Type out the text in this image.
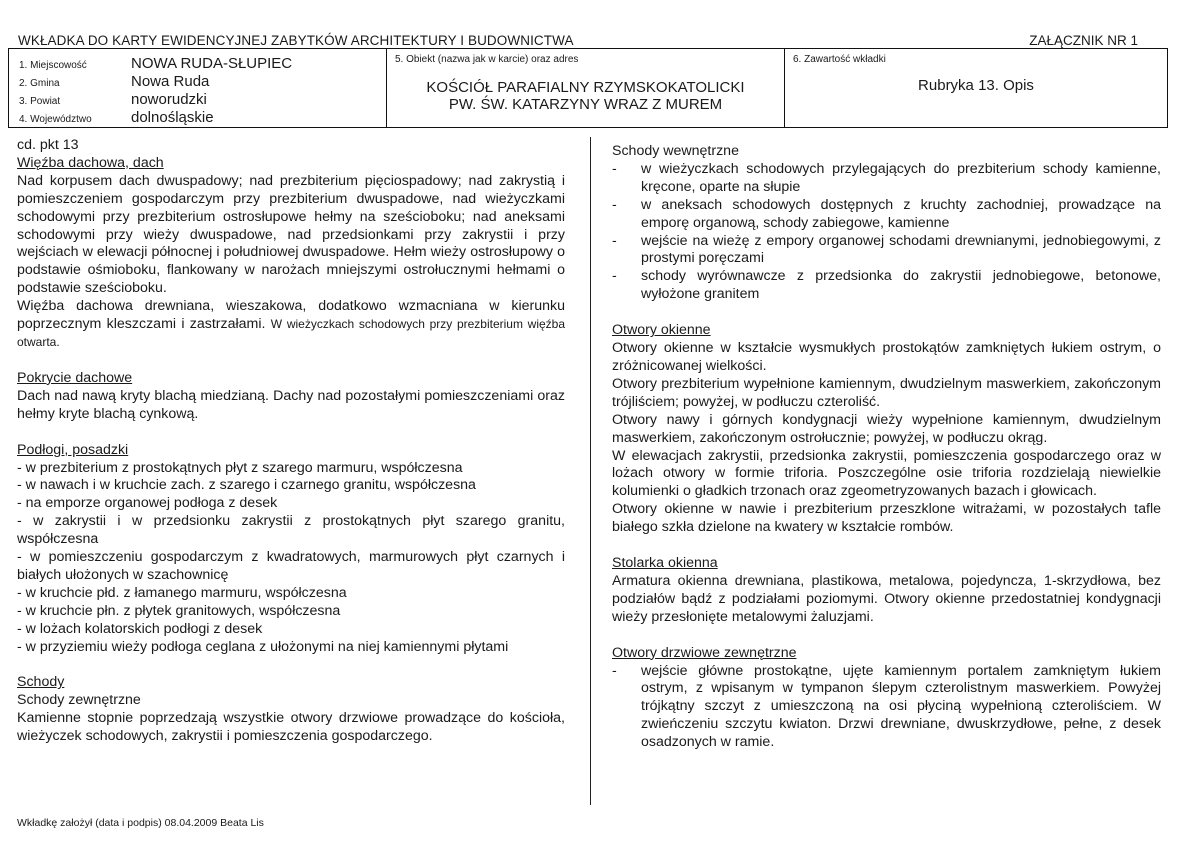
WKŁADKA DO KARTY EWIDENCYJNEJ ZABYTKÓW ARCHITEKTURY I BUDOWNICTWA	ZAŁĄCZNIK NR 1
1. Miejscowość	NOWA RUDA-SŁUPIEC
2. Gmina	Nowa Ruda
3. Powiat	noworudzki
4. Województwo	dolnośląskie
5. Obiekt (nazwa jak w karcie) oraz adres
KOŚCIÓŁ PARAFIALNY RZYMSKOKATOLICKI
PW. ŚW. KATARZYNY WRAZ Z MUREM
6. Zawartość wkładki
Rubryka 13. Opis
cd. pkt 13
Więźba dachowa, dach
Nad korpusem dach dwuspadowy; nad prezbiterium pięciospadowy; nad zakrystią i pomieszczeniem gospodarczym przy prezbiterium dwuspadowe, nad wieżyczkami schodowymi przy prezbiterium ostrosłupowe hełmy na sześcioboku; nad aneksami schodowymi przy wieży dwuspadowe, nad przedsionkami przy zakrystii i przy wejściach w elewacji północnej i południowej dwuspadowe. Hełm wieży ostrosłupowy o podstawie ośmioboku, flankowany w narożach mniejszymi ostrołucznymi hełmami o podstawie sześcioboku.
Więźba dachowa drewniana, wieszakowa, dodatkowo wzmacniana w kierunku poprzecznym kleszczami i zastrzałami. W wieżyczkach schodowych przy prezbiterium więźba otwarta.
Pokrycie dachowe
Dach nad nawą kryty blachą miedzianą. Dachy nad pozostałymi pomieszczeniami oraz hełmy kryte blachą cynkową.
Podłogi, posadzki
- w prezbiterium z prostokątnych płyt z szarego marmuru, współczesna
- w nawach i w kruchcie zach. z szarego i czarnego granitu, współczesna
- na emporze organowej podłoga z desek
- w zakrystii i w przedsionku zakrystii z prostokątnych płyt szarego granitu, współczesna
- w pomieszczeniu gospodarczym z kwadratowych, marmurowych płyt czarnych i białych ułożonych w szachownicę
- w kruchcie płd. z łamanego marmuru, współczesna
- w kruchcie płn. z płytek granitowych, współczesna
- w lożach kolatorskich podłogi z desek
- w przyziemiu wieży podłoga ceglana z ułożonymi na niej kamiennymi płytami
Schody
Schody zewnętrzne
Kamienne stopnie poprzedzają wszystkie otwory drzwiowe prowadzące do kościoła, wieżyczek schodowych, zakrystii i pomieszczenia gospodarczego.
Schody wewnętrzne
- w wieżyczkach schodowych przylegających do prezbiterium schody kamienne, kręcone, oparte na słupie
- w aneksach schodowych dostępnych z kruchty zachodniej, prowadzące na emporę organową, schody zabiegowe, kamienne
- wejście na wieżę z empory organowej schodami drewnianymi, jednobiegowymi, z prostymi poręczami
- schody wyrównawcze z przedsionka do zakrystii jednobiegowe, betonowe, wyłożone granitem
Otwory okienne
Otwory okienne w kształcie wysmukłych prostokątów zamkniętych łukiem ostrym, o zróżnicowanej wielkości.
Otwory prezbiterium wypełnione kamiennym, dwudzielnym maswerkiem, zakończonym trójliściem; powyżej, w podłuczu czteroliść.
Otwory nawy i górnych kondygnacji wieży wypełnione kamiennym, dwudzielnym maswerkiem, zakończonym ostrołucznie; powyżej, w podłuczu okrąg.
W elewacjach zakrystii, przedsionka zakrystii, pomieszczenia gospodarczego oraz w lożach otwory w formie triforia. Poszczególne osie triforia rozdzielają niewielkie kolumienki o gładkich trzonach oraz zgeometryzowanych bazach i głowicach.
Otwory okienne w nawie i prezbiterium przeszklone witrażami, w pozostałych tafle białego szkła dzielone na kwatery w kształcie rombów.
Stolarka okienna
Armatura okienna drewniana, plastikowa, metalowa, pojedyncza, 1-skrzydłowa, bez podziałów bądź z podziałami poziomymi. Otwory okienne przedostatniej kondygnacji wieży przesłonięte metalowymi żaluzjami.
Otwory drzwiowe zewnętrzne
- wejście główne prostokątne, ujęte kamiennym portalem zamkniętym łukiem ostrym, z wpisanym w tympanon ślepym czterolistnym maswerkiem. Powyżej trójkątny szczyt z umieszczoną na osi płyciną wypełnioną czteroliściem. W zwieńczeniu szczytu kwiaton. Drzwi drewniane, dwuskrzydłowe, pełne, z desek osadzonych w ramie.
Wkładkę założył (data i podpis) 08.04.2009 Beata Lis
